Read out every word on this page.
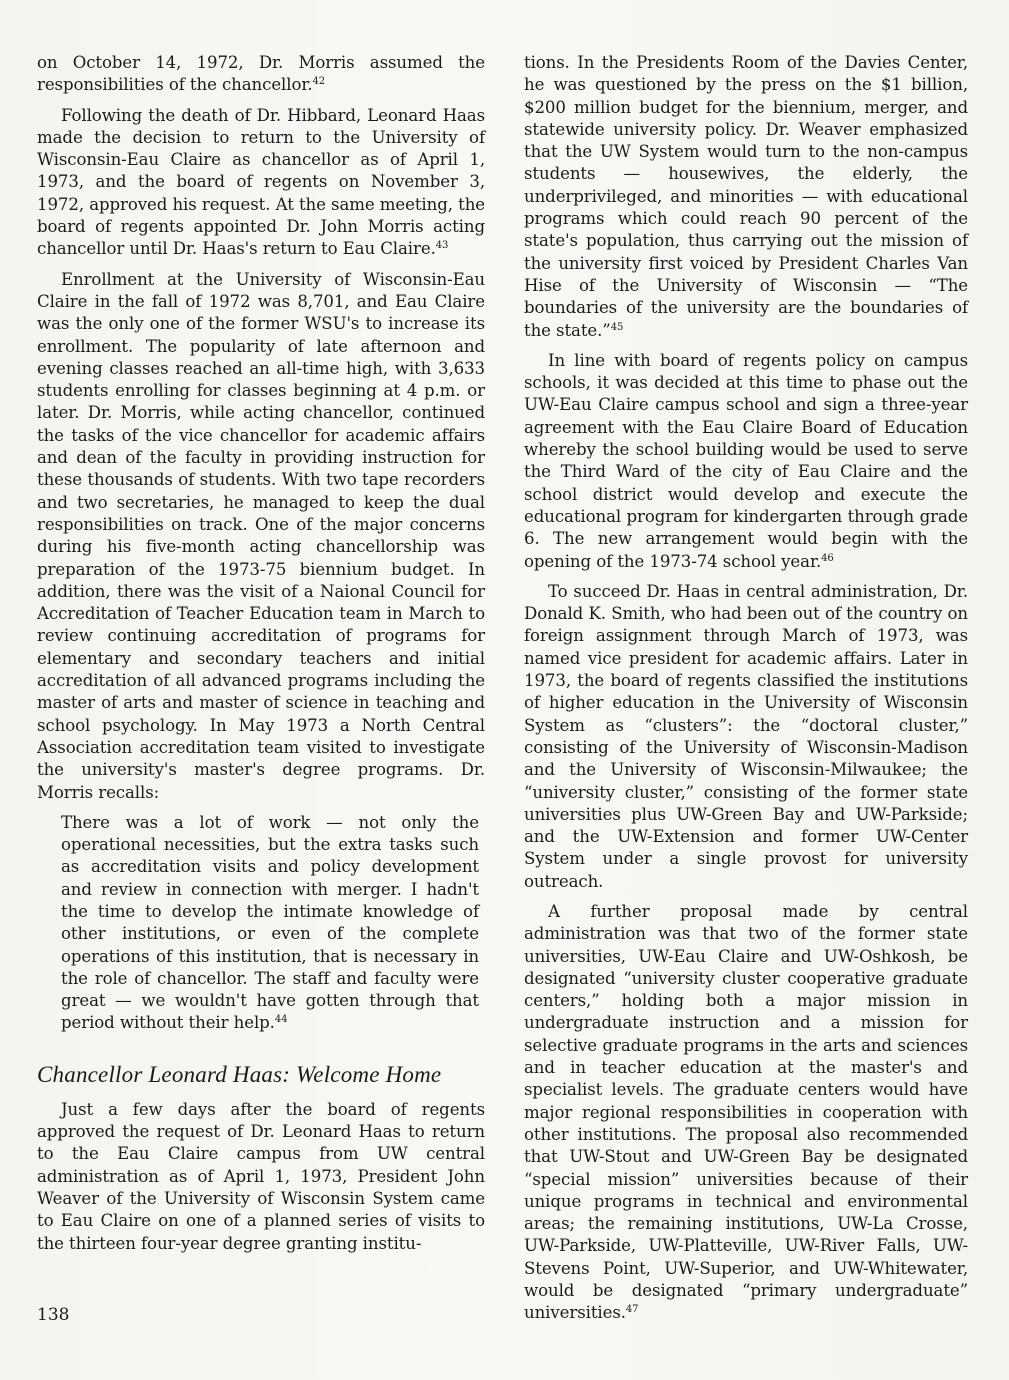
on October 14, 1972, Dr. Morris assumed the responsibilities of the chancellor.$^{42}$

Following the death of Dr. Hibbard, Leonard Haas made the decision to return to the University of Wisconsin-Eau Claire as chancellor as of April 1, 1973, and the board of regents on November 3, 1972, approved his request. At the same meeting, the board of regents appointed Dr. John Morris acting chancellor until Dr. Haas's return to Eau Claire.$^{43}$

Enrollment at the University of Wisconsin-Eau Claire in the fall of 1972 was 8,701, and Eau Claire was the only one of the former WSU's to increase its enrollment. The popularity of late afternoon and evening classes reached an all-time high, with 3,633 students enrolling for classes beginning at 4 p.m. or later. Dr. Morris, while acting chancellor, continued the tasks of the vice chancellor for academic affairs and dean of the faculty in providing instruction for these thousands of students. With two tape recorders and two secretaries, he managed to keep the dual responsibilities on track. One of the major concerns during his five-month acting chancellorship was preparation of the 1973-75 biennium budget. In addition, there was the visit of a Naional Council for Accreditation of Teacher Education team in March to review continuing accreditation of programs for elementary and secondary teachers and initial accreditation of all advanced programs including the master of arts and master of science in teaching and school psychology. In May 1973 a North Central Association accreditation team visited to investigate the university's master's degree programs. Dr. Morris recalls:

There was a lot of work — not only the operational necessities, but the extra tasks such as accreditation visits and policy development and review in connection with merger. I hadn't the time to develop the intimate knowledge of other institutions, or even of the complete operations of this institution, that is necessary in the role of chancellor. The staff and faculty were great — we wouldn't have gotten through that period without their help.$^{44}$

Chancellor Leonard Haas: Welcome Home

Just a few days after the board of regents approved the request of Dr. Leonard Haas to return to the Eau Claire campus from UW central administration as of April 1, 1973, President John Weaver of the University of Wisconsin System came to Eau Claire on one of a planned series of visits to the thirteen four-year degree granting institu-

tions. In the Presidents Room of the Davies Center, he was questioned by the press on the $1 billion, $200 million budget for the biennium, merger, and statewide university policy. Dr. Weaver emphasized that the UW System would turn to the non-campus students — housewives, the elderly, the underprivileged, and minorities — with educational programs which could reach 90 percent of the state's population, thus carrying out the mission of the university first voiced by President Charles Van Hise of the University of Wisconsin — “The boundaries of the university are the boundaries of the state.”$^{45}$

In line with board of regents policy on campus schools, it was decided at this time to phase out the UW-Eau Claire campus school and sign a three-year agreement with the Eau Claire Board of Education whereby the school building would be used to serve the Third Ward of the city of Eau Claire and the school district would develop and execute the educational program for kindergarten through grade 6. The new arrangement would begin with the opening of the 1973-74 school year.$^{46}$

To succeed Dr. Haas in central administration, Dr. Donald K. Smith, who had been out of the country on foreign assignment through March of 1973, was named vice president for academic affairs. Later in 1973, the board of regents classified the institutions of higher education in the University of Wisconsin System as “clusters”: the “doctoral cluster,” consisting of the University of Wisconsin-Madison and the University of Wisconsin-Milwaukee; the “university cluster,” consisting of the former state universities plus UW-Green Bay and UW-Parkside; and the UW-Extension and former UW-Center System under a single provost for university outreach.

A further proposal made by central administration was that two of the former state universities, UW-Eau Claire and UW-Oshkosh, be designated “university cluster cooperative graduate centers,” holding both a major mission in undergraduate instruction and a mission for selective graduate programs in the arts and sciences and in teacher education at the master's and specialist levels. The graduate centers would have major regional responsibilities in cooperation with other institutions. The proposal also recommended that UW-Stout and UW-Green Bay be designated “special mission” universities because of their unique programs in technical and environmental areas; the remaining institutions, UW-La Crosse, UW-Parkside, UW-Platteville, UW-River Falls, UW-Stevens Point, UW-Superior, and UW-Whitewater, would be designated “primary undergraduate” universities.$^{47}$

138
